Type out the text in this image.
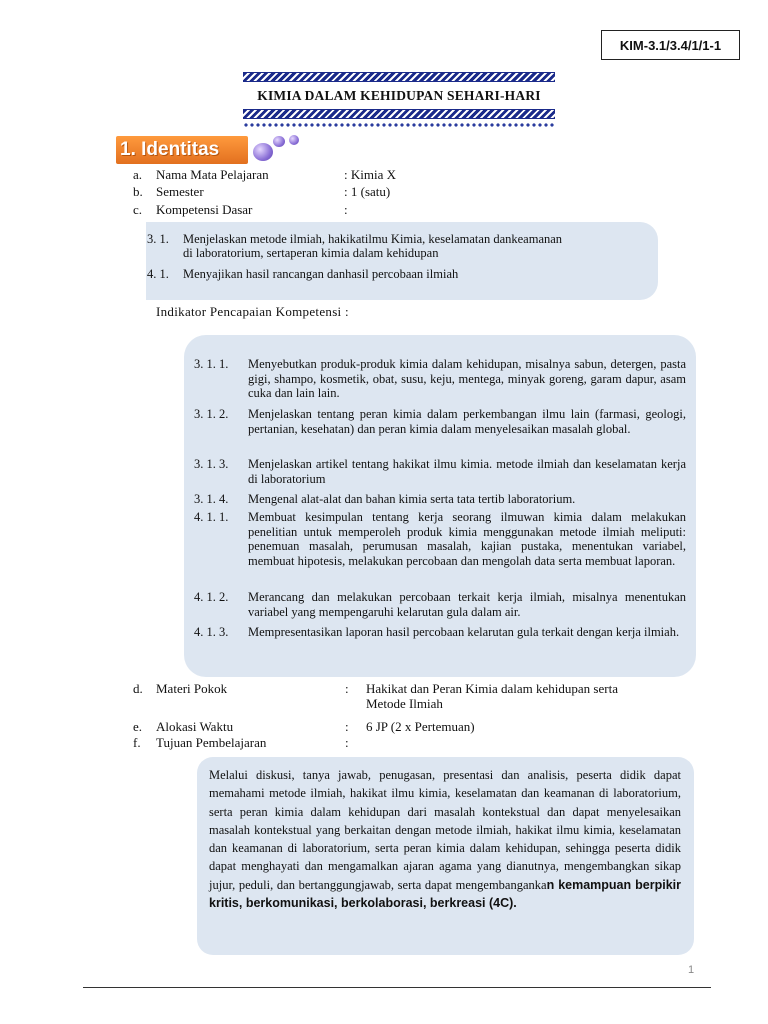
KIM-3.1/3.4/1/1-1
KIMIA DALAM KEHIDUPAN SEHARI-HARI
1. Identitas
a. Nama Mata Pelajaran	: Kimia X
b. Semester	: 1 (satu)
c. Kompetensi Dasar	:
3. 1. Menjelaskan metode ilmiah, hakikatilmu Kimia, keselamatan dankeamanan
di laboratorium, sertaperan kimia dalam kehidupan
4. 1. Menyajikan hasil rancangan danhasil percobaan ilmiah
Indikator Pencapaian Kompetensi :
3. 1. 1.	Menyebutkan produk-produk kimia dalam kehidupan, misalnya sabun, detergen, pasta gigi, shampo, kosmetik, obat, susu, keju, mentega, minyak goreng, garam dapur, asam cuka dan lain lain.
3. 1. 2.	Menjelaskan tentang peran kimia dalam perkembangan ilmu lain (farmasi, geologi, pertanian, kesehatan) dan peran kimia dalam menyelesaikan masalah global.
3. 1. 3.	Menjelaskan artikel tentang hakikat ilmu kimia. metode ilmiah dan keselamatan kerja di laboratorium
3. 1. 4.	Mengenal alat-alat dan bahan kimia serta tata tertib laboratorium.
4. 1. 1.	Membuat kesimpulan tentang kerja seorang ilmuwan kimia dalam melakukan penelitian untuk memperoleh produk kimia menggunakan metode ilmiah meliputi: penemuan masalah, perumusan masalah, kajian pustaka, menentukan variabel, membuat hipotesis, melakukan percobaan dan mengolah data serta membuat laporan.
4. 1. 2.	Merancang dan melakukan percobaan terkait kerja ilmiah, misalnya menentukan variabel yang mempengaruhi kelarutan gula dalam air.
4. 1. 3.	Mempresentasikan laporan hasil percobaan kelarutan gula terkait dengan kerja ilmiah.
d. Materi Pokok	: Hakikat dan Peran Kimia dalam kehidupan serta
Metode Ilmiah
e. Alokasi Waktu	: 6 JP (2 x Pertemuan)
f. Tujuan Pembelajaran	:
Melalui diskusi, tanya jawab, penugasan, presentasi dan analisis, peserta didik dapat memahami metode ilmiah, hakikat ilmu kimia, keselamatan dan keamanan di laboratorium, serta peran kimia dalam kehidupan dari masalah kontekstual dan dapat menyelesaikan masalah kontekstual yang berkaitan dengan metode ilmiah, hakikat ilmu kimia, keselamatan dan keamanan di laboratorium, serta peran kimia dalam kehidupan, sehingga peserta didik dapat menghayati dan mengamalkan ajaran agama yang dianutnya, mengembangkan sikap jujur, peduli, dan bertanggungjawab, serta dapat mengembangankan kemampuan berpikir kritis, berkomunikasi, berkolaborasi, berkreasi (4C).
1
